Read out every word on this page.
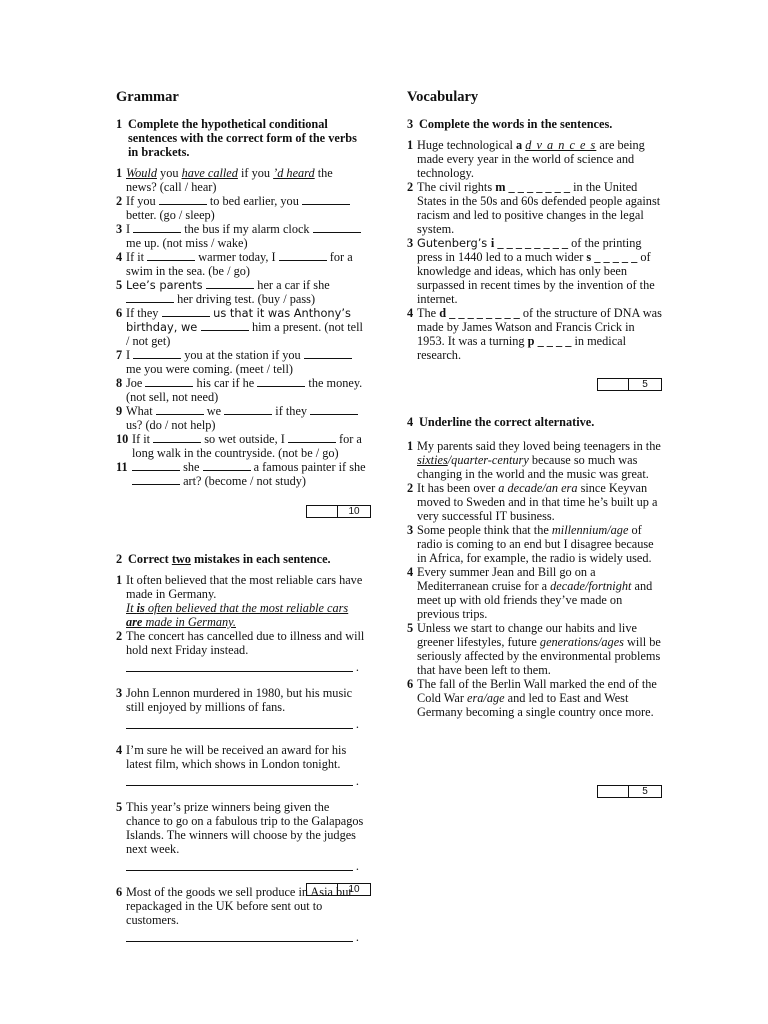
Grammar
1 Complete the hypothetical conditional sentences with the correct form of the verbs in brackets.
1 Would you have called if you ’d heard the news? (call / hear)
2 If you	to bed earlier, you  better. (go / sleep)
3 I	the bus if my alarm clock  me up. (not miss / wake)
4 If it	warmer today, I	for a swim in the sea. (be / go)
5 Lee’s parents	her a car if she  her driving test. (buy / pass)
6 If they	us that it was Anthony’s birthday, we	him a present. (not tell / not get)
7 I	you at the station if you  me you were coming. (meet / tell)
8 Joe	his car if he	the money. (not sell, not need)
9 What	we	if they  us? (do / not help)
10 If it	so wet outside, I	for a long walk in the countryside. (not be / go)
11	she	a famous painter if she  art? (become / not study)
2 Correct two mistakes in each sentence.
1 It often believed that the most reliable cars have made in Germany.
It is often believed that the most reliable cars are made in Germany.
2 The concert has cancelled due to illness and will hold next Friday instead.
.
3 John Lennon murdered in 1980, but his music still enjoyed by millions of fans.
.
4 I’m sure he will be received an award for his latest film, which shows in London tonight.
.
5 This year’s prize winners being given the chance to go on a fabulous trip to the Galapagos Islands. The winners will choose by the judges next week.
.
6 Most of the goods we sell produce in Asia but repackaged in the UK before sent out to customers.
.
10
10
Vocabulary
3 Complete the words in the sentences.
1 Huge technological a d v a n c e s are being made every year in the world of science and technology.
2 The civil rights m _ _ _ _ _ _ _ in the United States in the 50s and 60s defended people against racism and led to positive changes in the legal system.
3 Gutenberg’s i _ _ _ _ _ _ _ _ of the printing press in 1440 led to a much wider s _ _ _ _ _ of knowledge and ideas, which has only been surpassed in recent times by the invention of the internet.
4 The d _ _ _ _ _ _ _ _ of the structure of DNA was made by James Watson and Francis Crick in 1953. It was a turning p _ _ _ _ in medical research.
4 Underline the correct alternative.
1 My parents said they loved being teenagers in the sixties/quarter-century because so much was changing in the world and the music was great.
2 It has been over a decade/an era since Keyvan moved to Sweden and in that time he’s built up a very successful IT business.
3 Some people think that the millennium/age of radio is coming to an end but I disagree because in Africa, for example, the radio is widely used.
4 Every summer Jean and Bill go on a Mediterranean cruise for a decade/fortnight and meet up with old friends they’ve made on previous trips.
5 Unless we start to change our habits and live greener lifestyles, future generations/ages will be seriously affected by the environmental problems that have been left to them.
6 The fall of the Berlin Wall marked the end of the Cold War era/age and led to East and West Germany becoming a single country once more.
5
5
